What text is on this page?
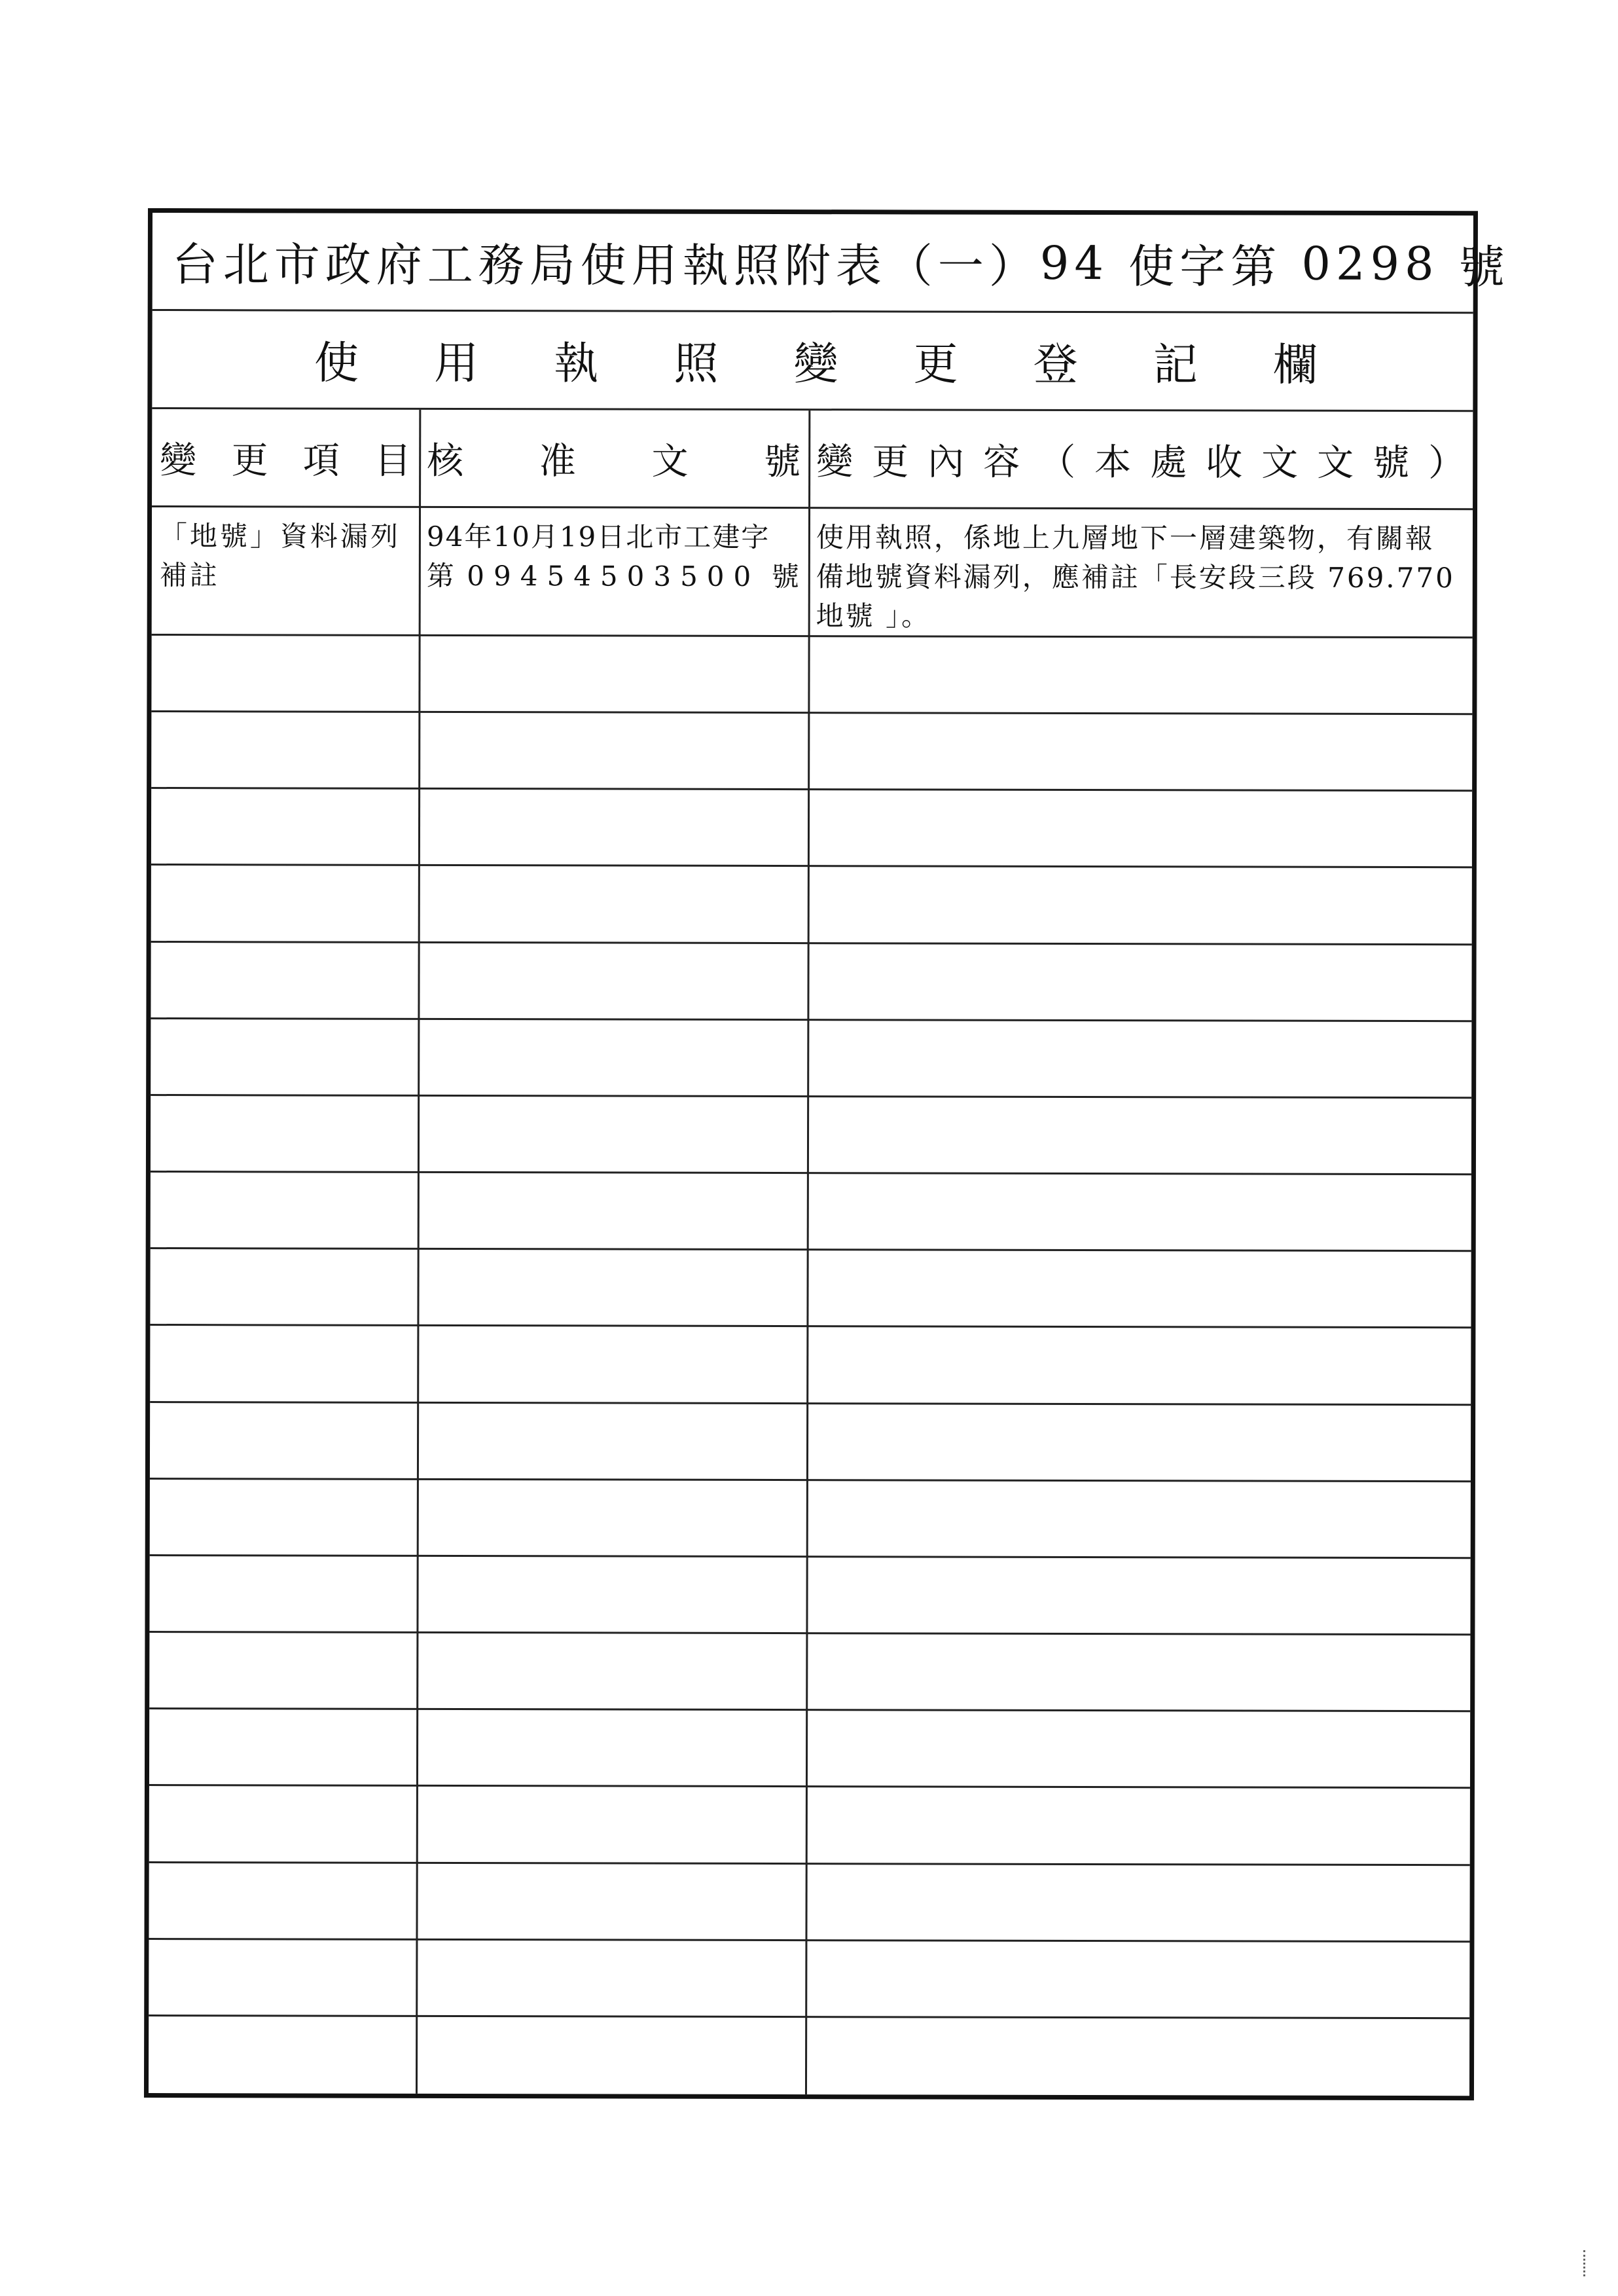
台北市政府工務局使用執照附表（一） 94
使字第
0298
號
使 用 執 照 變 更 登 記 欄
變 更 項 目 核 准 文 號 變 更 內 容 （ 本 處 收 文 文 號 ）
「地號」資料漏列
補註
94年10月19日北市工建字
第 09454503500 號
使用執照，係地上九層地下一層建築物，有關報
備地號資料漏列，應補註「長安段三段 769.770
地號 」。
